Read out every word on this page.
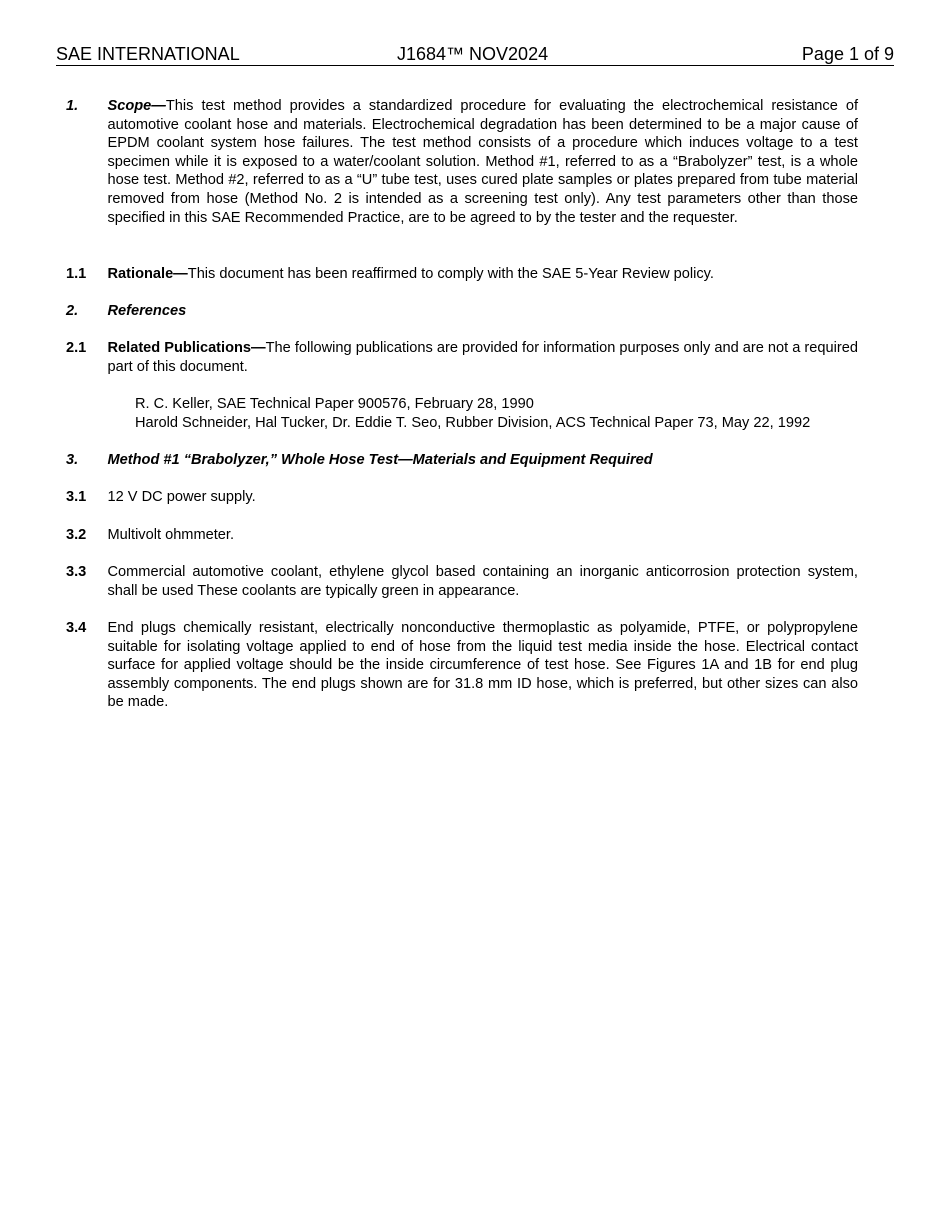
SAE INTERNATIONAL	J1684™ NOV2024	Page 1 of 9
1.	Scope—This test method provides a standardized procedure for evaluating the electrochemical resistance of automotive coolant hose and materials. Electrochemical degradation has been determined to be a major cause of EPDM coolant system hose failures. The test method consists of a procedure which induces voltage to a test specimen while it is exposed to a water/coolant solution. Method #1, referred to as a “Brabolyzer” test, is a whole hose test. Method #2, referred to as a “U” tube test, uses cured plate samples or plates prepared from tube material removed from hose (Method No. 2 is intended as a screening test only). Any test parameters other than those specified in this SAE Recommended Practice, are to be agreed to by the tester and the requester.
1.1	Rationale—This document has been reaffirmed to comply with the SAE 5-Year Review policy.
2.	References
2.1	Related Publications—The following publications are provided for information purposes only and are not a required part of this document.
R. C. Keller, SAE Technical Paper 900576, February 28, 1990
Harold Schneider, Hal Tucker, Dr. Eddie T. Seo, Rubber Division, ACS Technical Paper 73, May 22, 1992
3.	Method #1 “Brabolyzer,” Whole Hose Test—Materials and Equipment Required
3.1	12 V DC power supply.
3.2	Multivolt ohmmeter.
3.3	Commercial automotive coolant, ethylene glycol based containing an inorganic anticorrosion protection system, shall be used These coolants are typically green in appearance.
3.4	End plugs chemically resistant, electrically nonconductive thermoplastic as polyamide, PTFE, or polypropylene suitable for isolating voltage applied to end of hose from the liquid test media inside the hose. Electrical contact surface for applied voltage should be the inside circumference of test hose. See Figures 1A and 1B for end plug assembly components. The end plugs shown are for 31.8 mm ID hose, which is preferred, but other sizes can also be made.
